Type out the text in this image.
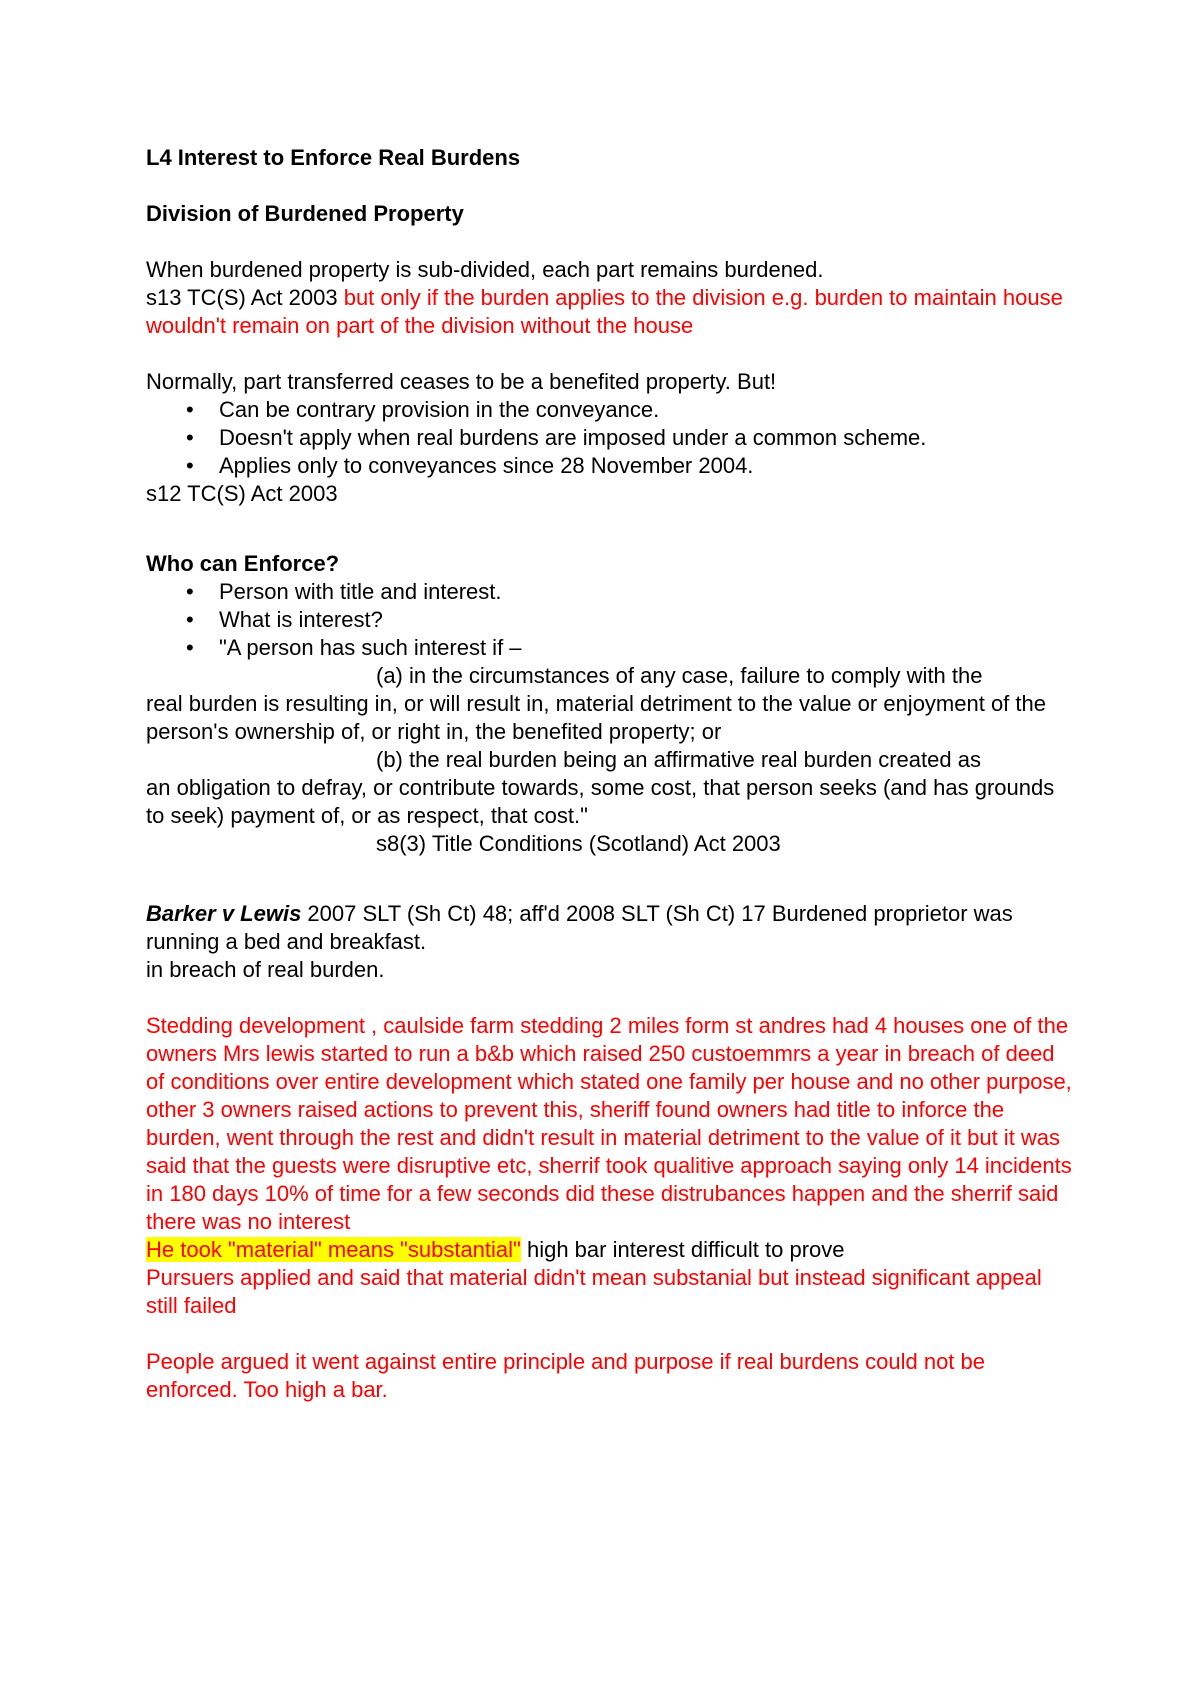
L4 Interest to Enforce Real Burdens
Division of Burdened Property
When burdened property is sub-divided, each part remains burdened.
s13 TC(S) Act 2003 but only if the burden applies to the division e.g. burden to maintain house wouldn't remain on part of the division without the house
Normally, part transferred ceases to be a benefited property. But!
• Can be contrary provision in the conveyance.
• Doesn't apply when real burdens are imposed under a common scheme.
• Applies only to conveyances since 28 November 2004.
s12 TC(S) Act 2003
Who can Enforce?
• Person with title and interest.
• What is interest?
• "A person has such interest if –
(a) in the circumstances of any case, failure to comply with the
real burden is resulting in, or will result in, material detriment to the value or enjoyment of the person's ownership of, or right in, the benefited property; or
(b) the real burden being an affirmative real burden created as
an obligation to defray, or contribute towards, some cost, that person seeks (and has grounds to seek) payment of, or as respect, that cost."
s8(3) Title Conditions (Scotland) Act 2003
Barker v Lewis 2007 SLT (Sh Ct) 48; aff'd 2008 SLT (Sh Ct) 17 Burdened proprietor was running a bed and breakfast.
in breach of real burden.
Stedding development , caulside farm stedding 2 miles form st andres had 4 houses one of the owners Mrs lewis started to run a b&b which raised 250 custoemmrs a year in breach of deed of conditions over entire development which stated one family per house and no other purpose, other 3 owners raised actions to prevent this, sheriff found owners had title to inforce the burden, went through the rest and didn't result in material detriment to the value of it but it was said that the guests were disruptive etc, sherrif took qualitive approach saying only 14 incidents in 180 days 10% of time for a few seconds did these distrubances happen and the sherrif said there was no interest
He took "material" means "substantial" high bar interest difficult to prove
Pursuers applied and said that material didn't mean substanial but instead significant appeal still failed
People argued it went against entire principle and purpose if real burdens could not be enforced. Too high a bar.
